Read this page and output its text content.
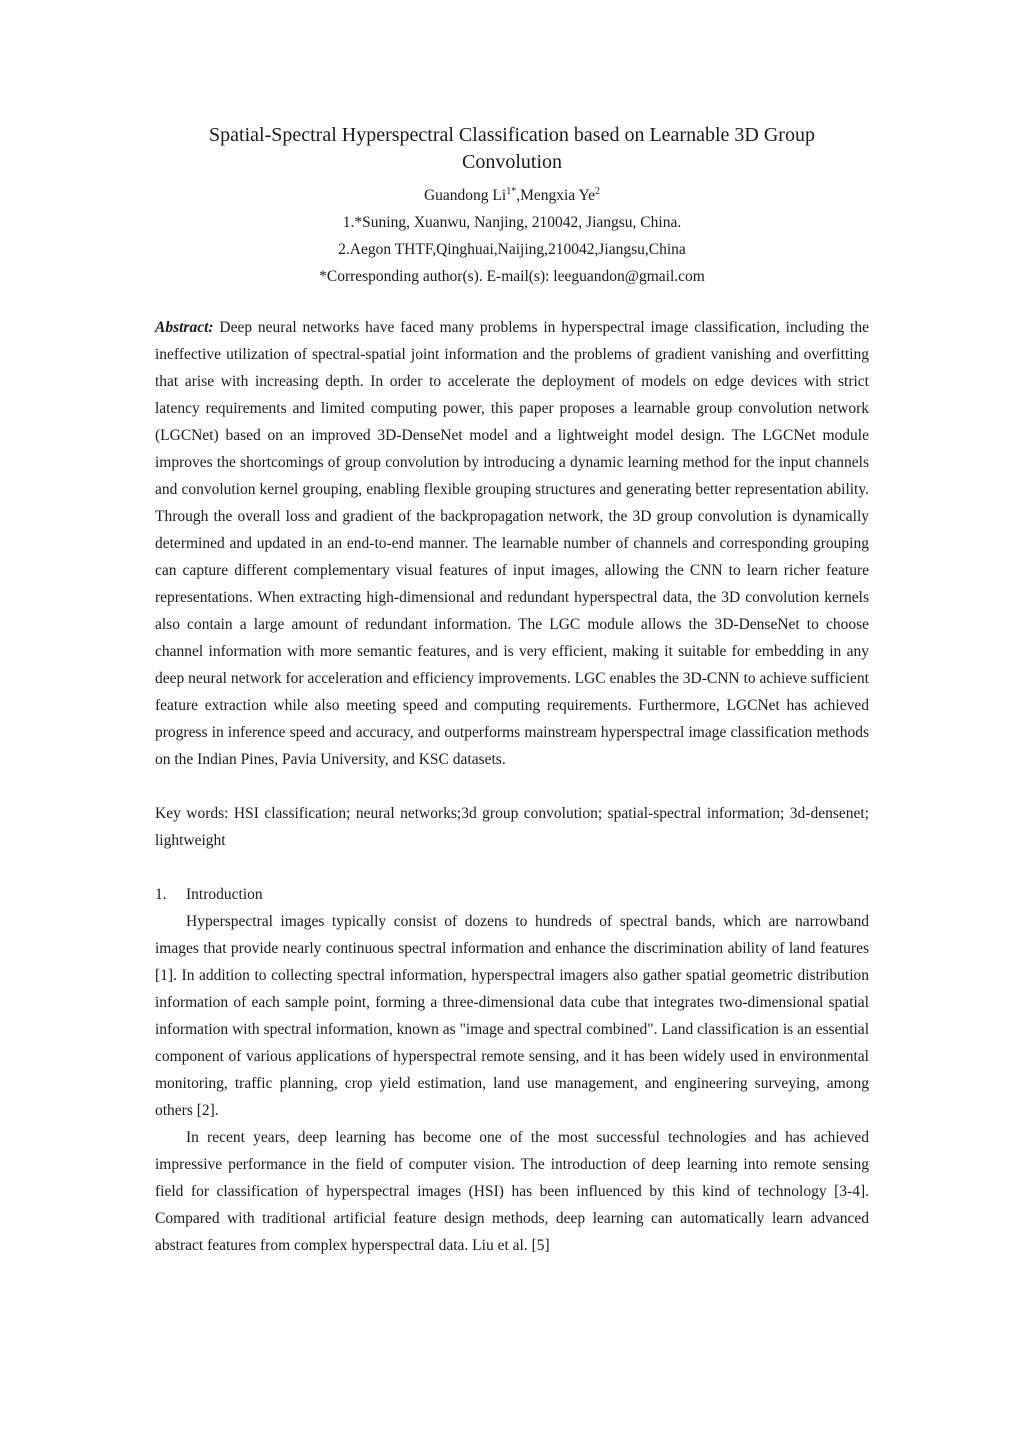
Spatial-Spectral Hyperspectral Classification based on Learnable 3D Group
Convolution
Guandong $Li^{1*},Mengxia$ Ye$^2$
1.*Suning, Xuanwu, Nanjing, 210042, Jiangsu, China.
2.Aegon THTF,Qinghuai,Naijing,210042,Jiangsu,China
*Corresponding author(s). E-mail(s): leeguandon@gmail.com
Abstract: Deep neural networks have faced many problems in hyperspectral image classification, including the ineffective utilization of spectral-spatial joint information and the problems of gradient vanishing and overfitting that arise with increasing depth. In order to accelerate the deployment of models on edge devices with strict latency requirements and limited computing power, this paper proposes a learnable group convolution network (LGCNet) based on an improved 3D-DenseNet model and a lightweight model design. The LGCNet module improves the shortcomings of group convolution by introducing a dynamic learning method for the input channels and convolution kernel grouping, enabling flexible grouping structures and generating better representation ability. Through the overall loss and gradient of the backpropagation network, the 3D group convolution is dynamically determined and updated in an end-to-end manner. The learnable number of channels and corresponding grouping can capture different complementary visual features of input images, allowing the CNN to learn richer feature representations. When extracting high-dimensional and redundant hyperspectral data, the 3D convolution kernels also contain a large amount of redundant information. The LGC module allows the 3D-DenseNet to choose channel information with more semantic features, and is very efficient, making it suitable for embedding in any deep neural network for acceleration and efficiency improvements. LGC enables the 3D-CNN to achieve sufficient feature extraction while also meeting speed and computing requirements. Furthermore, LGCNet has achieved progress in inference speed and accuracy, and outperforms mainstream hyperspectral image classification methods on the Indian Pines, Pavia University, and KSC datasets.
Key words: HSI classification; neural networks;3d group convolution; spatial-spectral information; 3d-densenet; lightweight
1. Introduction

Hyperspectral images typically consist of dozens to hundreds of spectral bands, which are narrowband images that provide nearly continuous spectral information and enhance the discrimination ability of land features [1]. In addition to collecting spectral information, hyperspectral imagers also gather spatial geometric distribution information of each sample point, forming a three-dimensional data cube that integrates two-dimensional spatial information with spectral information, known as "image and spectral combined". Land classification is an essential component of various applications of hyperspectral remote sensing, and it has been widely used in environmental monitoring, traffic planning, crop yield estimation, land use management, and engineering surveying, among others [2].

In recent years, deep learning has become one of the most successful technologies and has achieved impressive performance in the field of computer vision. The introduction of deep learning into remote sensing field for classification of hyperspectral images (HSI) has been influenced by this kind of technology [3-4]. Compared with traditional artificial feature design methods, deep learning can automatically learn advanced abstract features from complex hyperspectral data. Liu et al. [5]
